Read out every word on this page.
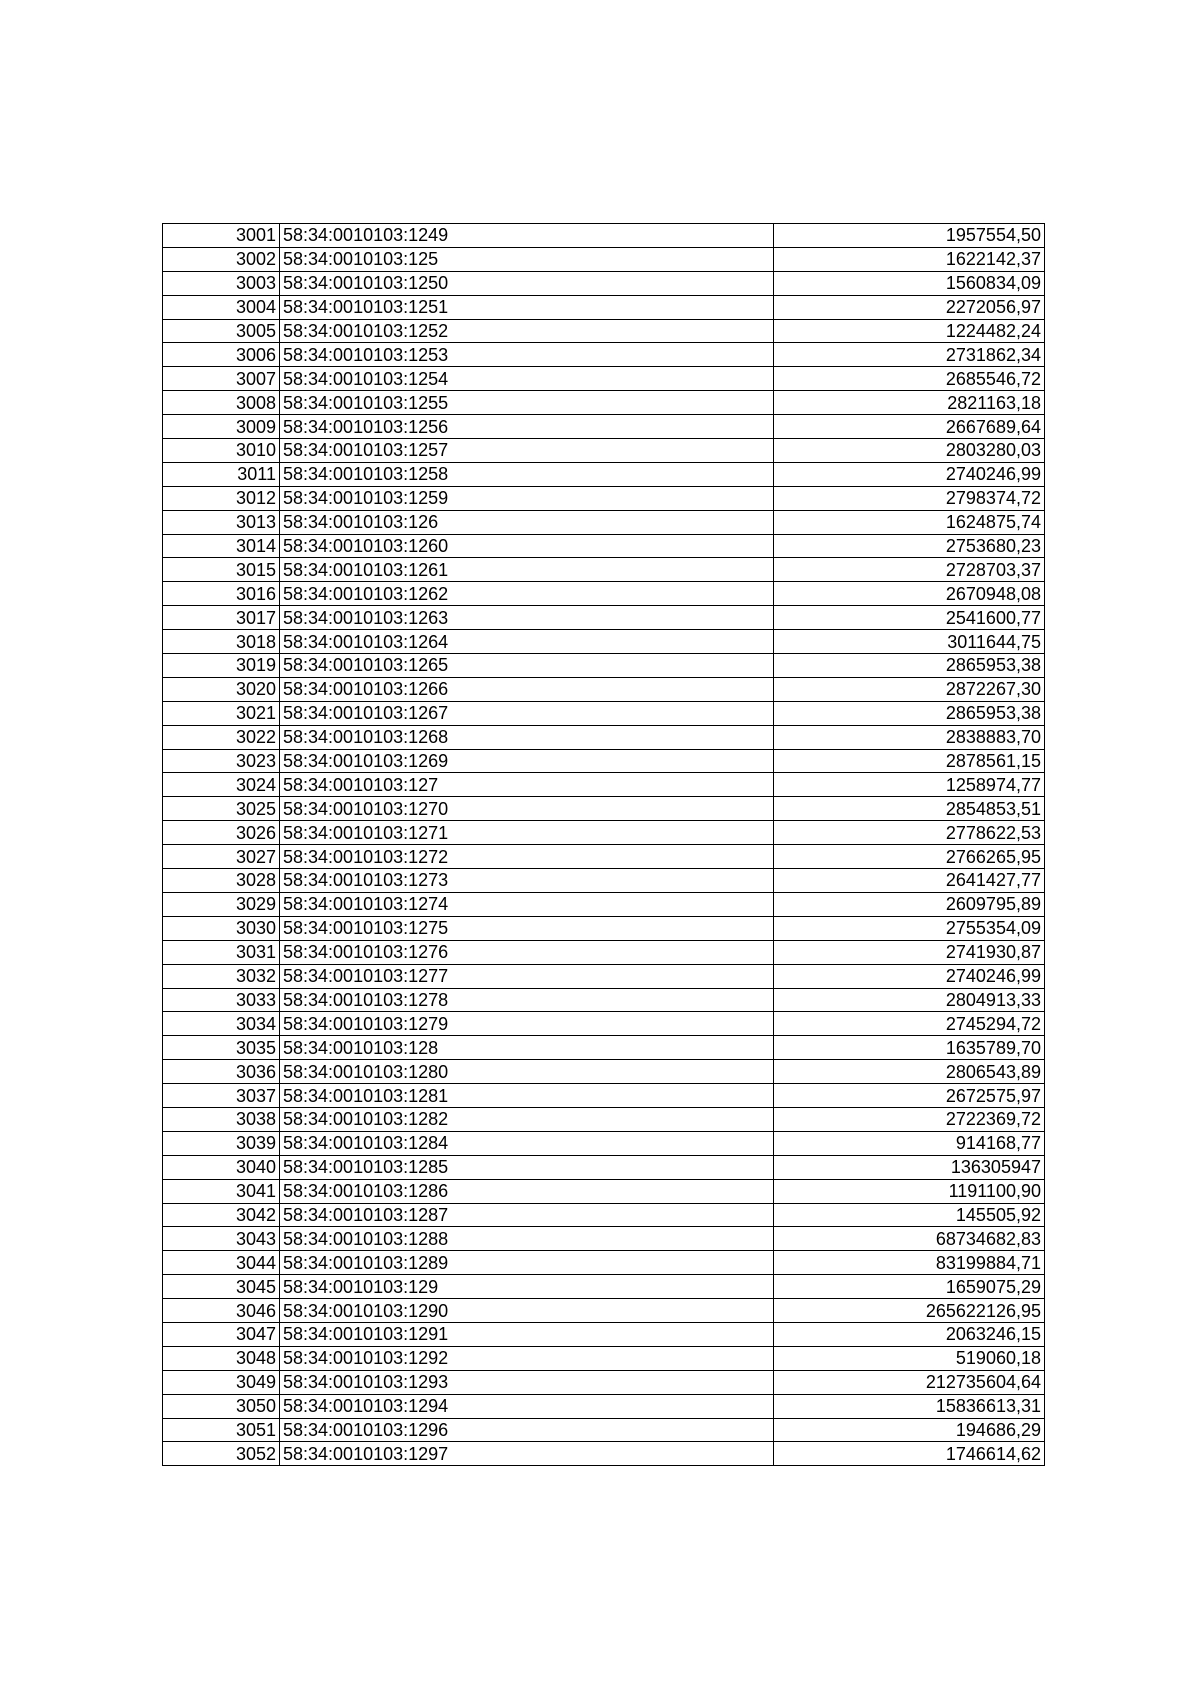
3001	58:34:0010103:1249	1957554,50
3002	58:34:0010103:125	1622142,37
3003	58:34:0010103:1250	1560834,09
3004	58:34:0010103:1251	2272056,97
3005	58:34:0010103:1252	1224482,24
3006	58:34:0010103:1253	2731862,34
3007	58:34:0010103:1254	2685546,72
3008	58:34:0010103:1255	2821163,18
3009	58:34:0010103:1256	2667689,64
3010	58:34:0010103:1257	2803280,03
3011	58:34:0010103:1258	2740246,99
3012	58:34:0010103:1259	2798374,72
3013	58:34:0010103:126	1624875,74
3014	58:34:0010103:1260	2753680,23
3015	58:34:0010103:1261	2728703,37
3016	58:34:0010103:1262	2670948,08
3017	58:34:0010103:1263	2541600,77
3018	58:34:0010103:1264	3011644,75
3019	58:34:0010103:1265	2865953,38
3020	58:34:0010103:1266	2872267,30
3021	58:34:0010103:1267	2865953,38
3022	58:34:0010103:1268	2838883,70
3023	58:34:0010103:1269	2878561,15
3024	58:34:0010103:127	1258974,77
3025	58:34:0010103:1270	2854853,51
3026	58:34:0010103:1271	2778622,53
3027	58:34:0010103:1272	2766265,95
3028	58:34:0010103:1273	2641427,77
3029	58:34:0010103:1274	2609795,89
3030	58:34:0010103:1275	2755354,09
3031	58:34:0010103:1276	2741930,87
3032	58:34:0010103:1277	2740246,99
3033	58:34:0010103:1278	2804913,33
3034	58:34:0010103:1279	2745294,72
3035	58:34:0010103:128	1635789,70
3036	58:34:0010103:1280	2806543,89
3037	58:34:0010103:1281	2672575,97
3038	58:34:0010103:1282	2722369,72
3039	58:34:0010103:1284	914168,77
3040	58:34:0010103:1285	136305947
3041	58:34:0010103:1286	1191100,90
3042	58:34:0010103:1287	145505,92
3043	58:34:0010103:1288	68734682,83
3044	58:34:0010103:1289	83199884,71
3045	58:34:0010103:129	1659075,29
3046	58:34:0010103:1290	265622126,95
3047	58:34:0010103:1291	2063246,15
3048	58:34:0010103:1292	519060,18
3049	58:34:0010103:1293	212735604,64
3050	58:34:0010103:1294	15836613,31
3051	58:34:0010103:1296	194686,29
3052	58:34:0010103:1297	1746614,62
